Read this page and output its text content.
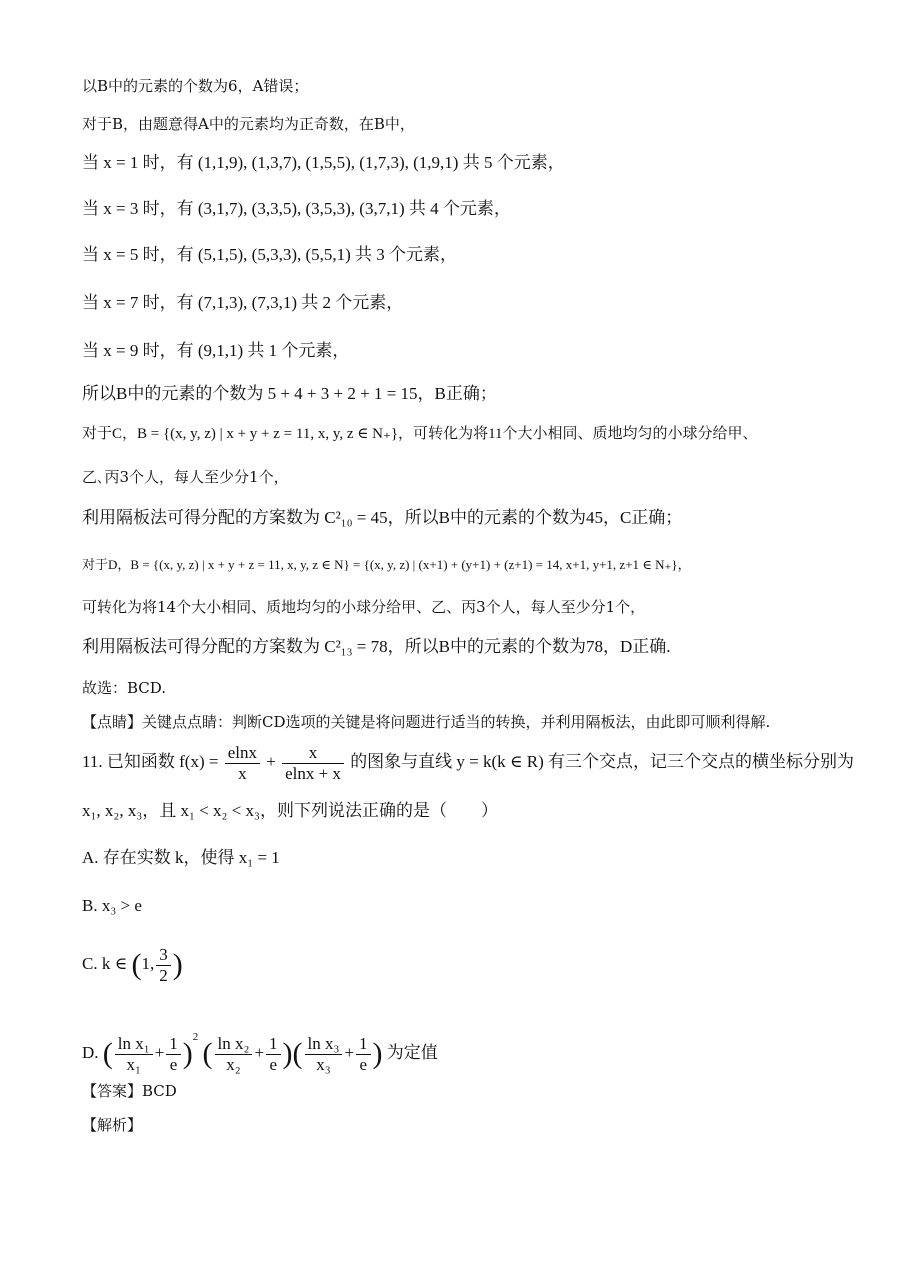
以B中的元素的个数为6，A错误；
对于B，由题意得A中的元素均为正奇数，在B中，
当 x = 1 时，有 (1,1,9), (1,3,7), (1,5,5), (1,7,3), (1,9,1) 共 5 个元素，
当 x = 3 时，有 (3,1,7), (3,3,5), (3,5,3), (3,7,1) 共 4 个元素，
当 x = 5 时，有 (5,1,5), (5,3,3), (5,5,1) 共 3 个元素，
当 x = 7 时，有 (7,1,3), (7,3,1) 共 2 个元素，
当 x = 9 时，有 (9,1,1) 共 1 个元素，
所以B中的元素的个数为 5 + 4 + 3 + 2 + 1 = 15，B正确；
对于C，B = {(x, y, z) | x + y + z = 11, x, y, z ∈ N₊}，可转化为将11个大小相同、质地均匀的小球分给甲、
乙､丙3个人，每人至少分1个，
利用隔板法可得分配的方案数为 C²₁₀ = 45，所以B中的元素的个数为45，C正确；
对于D，B = {(x, y, z) | x + y + z = 11, x, y, z ∈ N} = {(x, y, z) | (x+1) + (y+1) + (z+1) = 14, x+1, y+1, z+1 ∈ N₊}，
可转化为将14个大小相同、质地均匀的小球分给甲、乙、丙3个人，每人至少分1个，
利用隔板法可得分配的方案数为 C²₁₃ = 78，所以B中的元素的个数为78，D正确.
故选：BCD.
【点睛】关键点点睛：判断CD选项的关键是将问题进行适当的转换，并利用隔板法，由此即可顺利得解.
11. 已知函数 $f(x) = \frac{elnx}{x} + \frac{x}{elnx + x}$ 的图象与直线 y = k(k ∈ R) 有三个交点，记三个交点的横坐标分别为
x₁, x₂, x₃，且 x₁ < x₂ < x₃，则下列说法正确的是（　　）
A. 存在实数 k，使得 x₁ = 1
B. x₃ > e
C. k ∈ (1, $\frac{3}{2}$ )
D. ( $\frac{\text{ln x₁}}{\text{x₁}} + \frac{1}{e} )^2$ ( $\frac{\text{ln x₂}}{\text{x₂}} + \frac{1}{e}$ )( $\frac{\text{ln x₃}}{\text{x₃}} + \frac{1}{e}$ ) 为定值
【答案】BCD
【解析】
